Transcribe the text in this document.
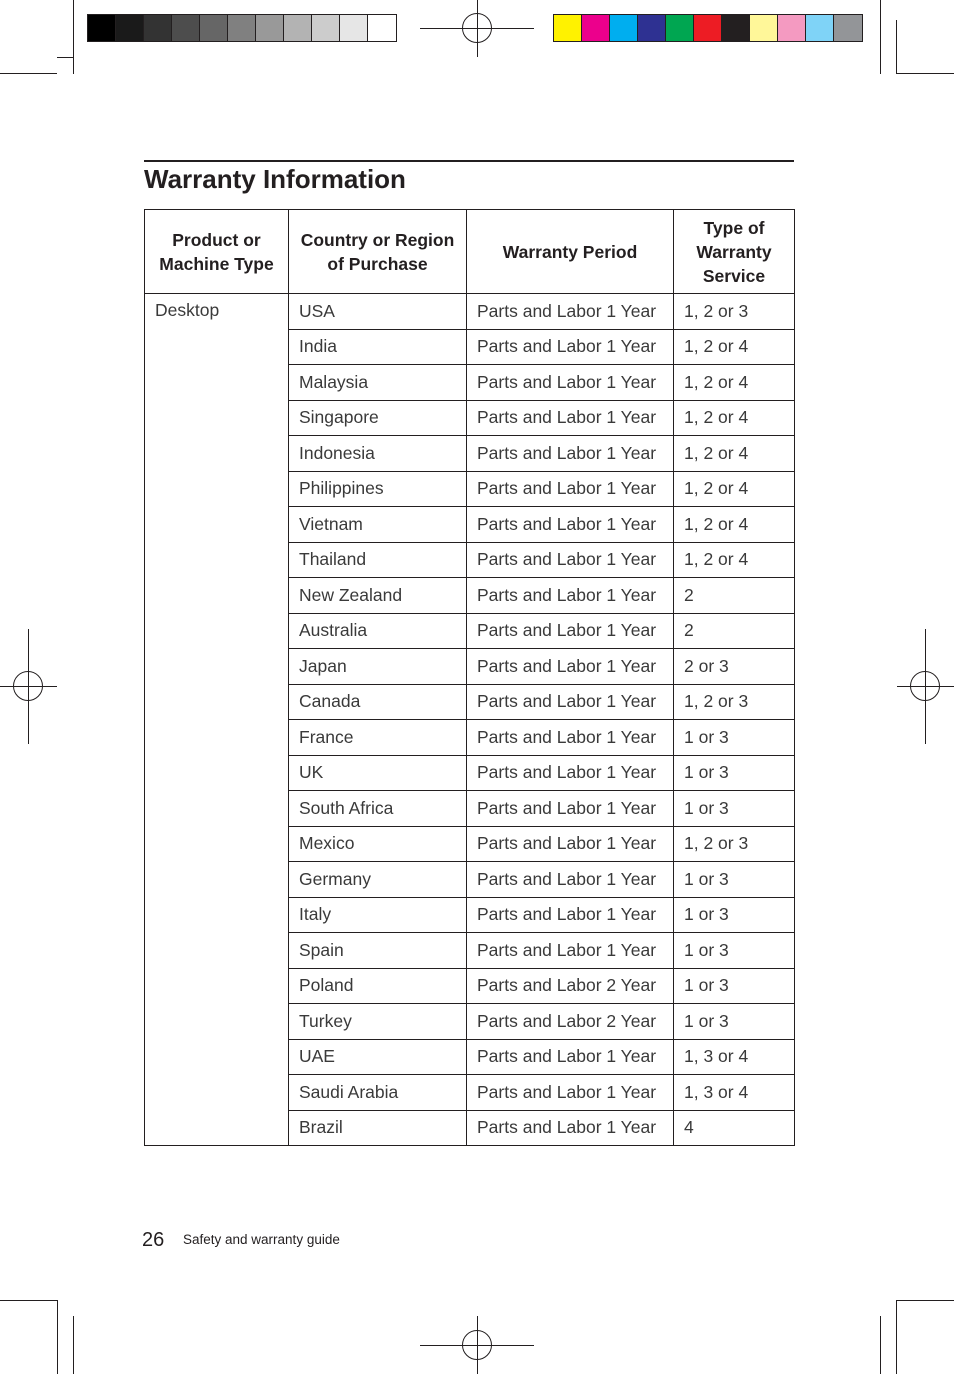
Warranty Information
Product or Machine Type	Country or Region of Purchase	Warranty Period	Type of Warranty Service
Desktop	USA	Parts and Labor 1 Year	1, 2 or 3
	India	Parts and Labor 1 Year	1, 2 or 4
	Malaysia	Parts and Labor 1 Year	1, 2 or 4
	Singapore	Parts and Labor 1 Year	1, 2 or 4
	Indonesia	Parts and Labor 1 Year	1, 2 or 4
	Philippines	Parts and Labor 1 Year	1, 2 or 4
	Vietnam	Parts and Labor 1 Year	1, 2 or 4
	Thailand	Parts and Labor 1 Year	1, 2 or 4
	New Zealand	Parts and Labor 1 Year	2
	Australia	Parts and Labor 1 Year	2
	Japan	Parts and Labor 1 Year	2 or 3
	Canada	Parts and Labor 1 Year	1, 2 or 3
	France	Parts and Labor 1 Year	1 or 3
	UK	Parts and Labor 1 Year	1 or 3
	South Africa	Parts and Labor 1 Year	1 or 3
	Mexico	Parts and Labor 1 Year	1, 2 or 3
	Germany	Parts and Labor 1 Year	1 or 3
	Italy	Parts and Labor 1 Year	1 or 3
	Spain	Parts and Labor 1 Year	1 or 3
	Poland	Parts and Labor 2 Year	1 or 3
	Turkey	Parts and Labor 2 Year	1 or 3
	UAE	Parts and Labor 1 Year	1, 3 or 4
	Saudi Arabia	Parts and Labor 1 Year	1, 3 or 4
	Brazil	Parts and Labor 1 Year	4
26 Safety and warranty guide
